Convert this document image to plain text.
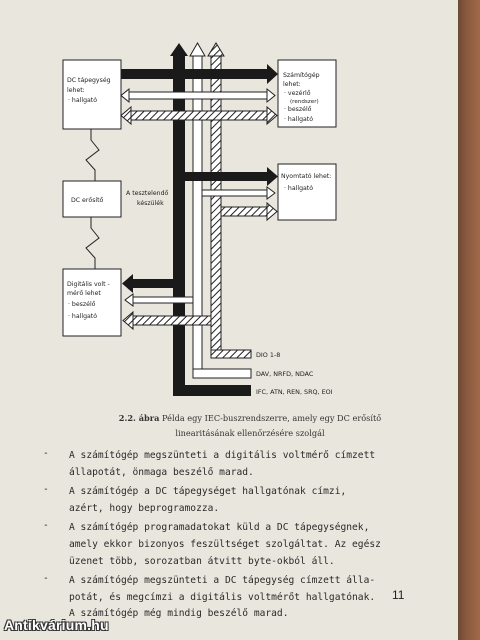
DC tápegység
lehet:
· hallgató
Számítógép
lehet:
· vezérlő
(rendszer)
· beszélő
· hallgató
DC erősítő
A tesztelendő
készülék
Nyomtató lehet:
· hallgató
Digitális volt -
mérő lehet
· beszélő
· hallgató
DIO 1-8
DAV, NRFD, NDAC
IFC, ATN, REN, SRQ, EOI
2.2. ábra Példa egy IEC-buszrendszerre, amely egy DC erősítő
linearitásának ellenőrzésére szolgál
- A számítógép megszünteti a digitális voltmérő címzett
állapotát, önmaga beszélő marad.
- A számítógép a DC tápegységet hallgatónak címzi,
azért, hogy beprogramozza.
- A számítógép programadatokat küld a DC tápegységnek,
amely ekkor bizonyos feszültséget szolgáltat. Az egész
üzenet több, sorozatban átvitt byte-okból áll.
- A számítógép megszünteti a DC tápegység címzett álla-
potát, és megcímzi a digitális voltmérőt hallgatónak.
A számítógép még mindig beszélő marad.
11
Antikvárium.hu
